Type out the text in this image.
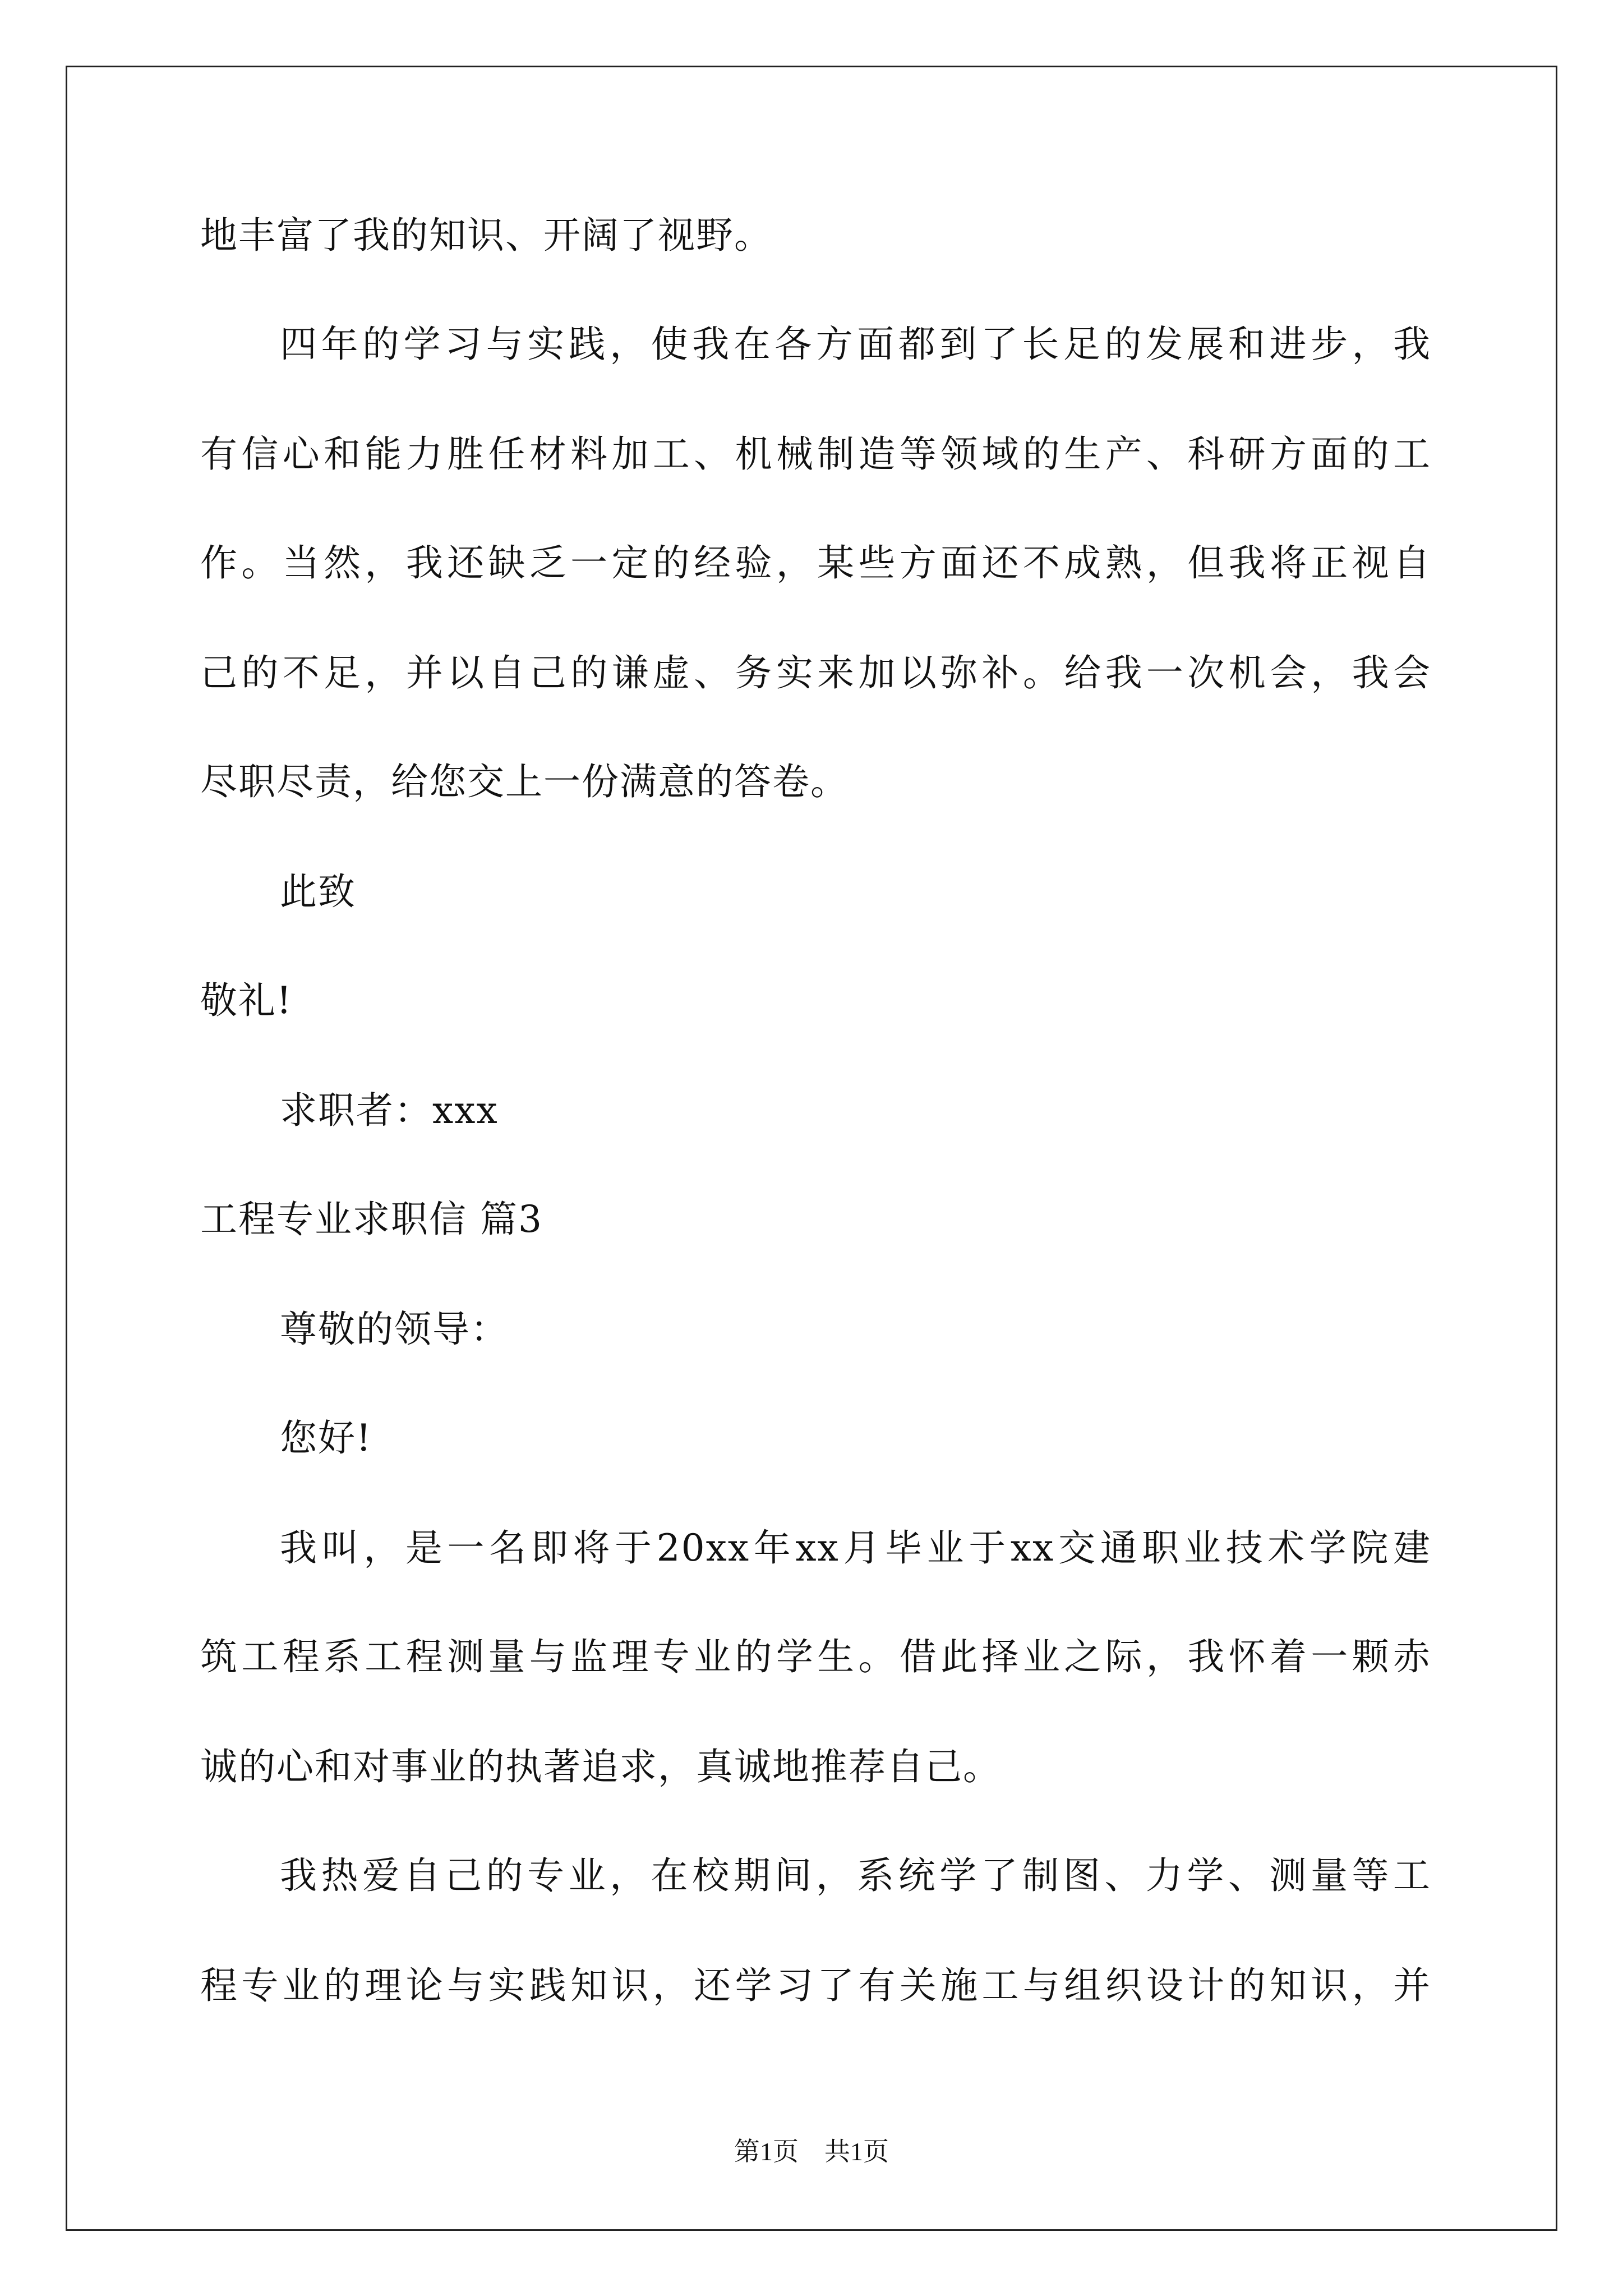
地丰富了我的知识、开阔了视野。
四年的学习与实践，使我在各方面都到了长足的发展和进步，我
有信心和能力胜任材料加工、机械制造等领域的生产、科研方面的工
作。当然，我还缺乏一定的经验，某些方面还不成熟，但我将正视自
己的不足，并以自己的谦虚、务实来加以弥补。给我一次机会，我会
尽职尽责，给您交上一份满意的答卷。
此致
敬礼!
求职者：xxx
工程专业求职信 篇3
尊敬的领导：
您好!
我叫，是一名即将于20xx年xx月毕业于xx交通职业技术学院建
筑工程系工程测量与监理专业的学生。借此择业之际，我怀着一颗赤
诚的心和对事业的执著追求，真诚地推荐自己。
我热爱自己的专业，在校期间，系统学了制图、力学、测量等工
程专业的理论与实践知识，还学习了有关施工与组织设计的知识，并
第1页　共1页
